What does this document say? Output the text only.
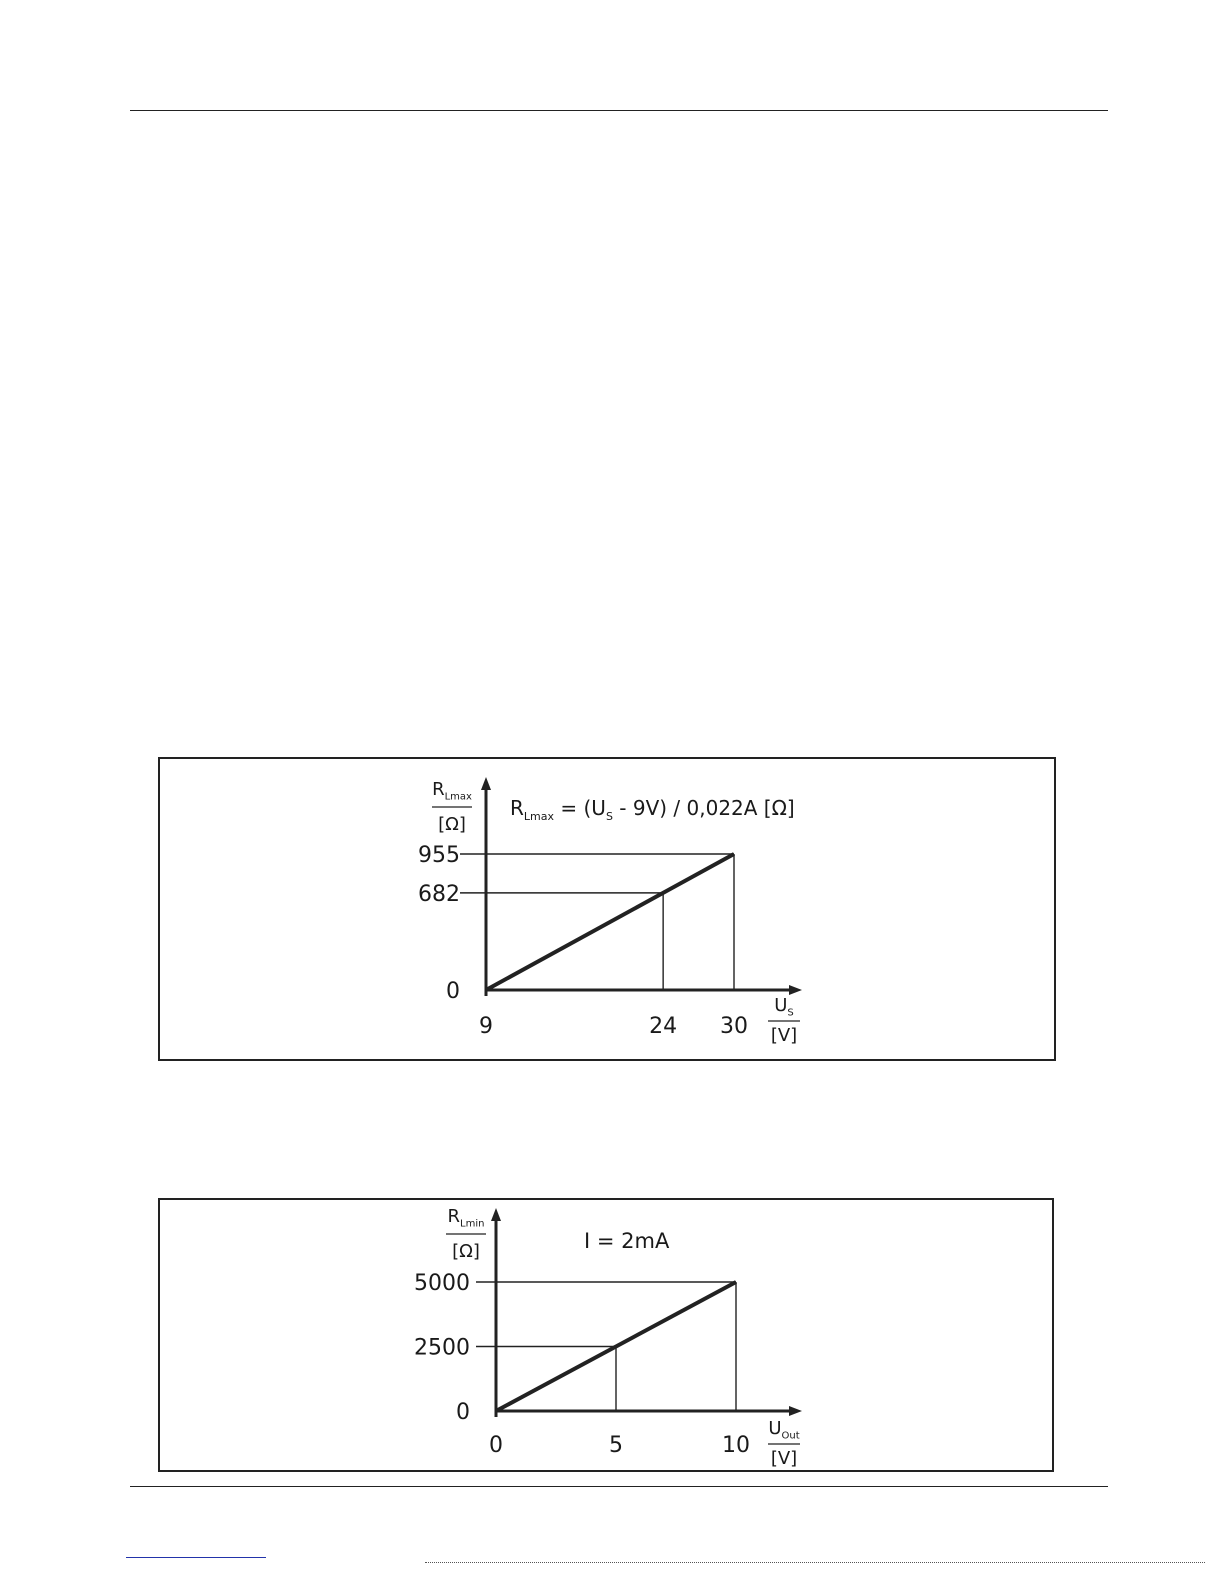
0
682
955
9	24 30
$R_{Lmax}$
[Ω]
$U_S$
[V]
$R_{Lmax} = (U_S - 9V) / 0,022A$ [Ω]
0
2500
5000
0	5	10
$R_{Lmin}$
[Ω]
$U_{Out}$
[V]
I = 2mA
